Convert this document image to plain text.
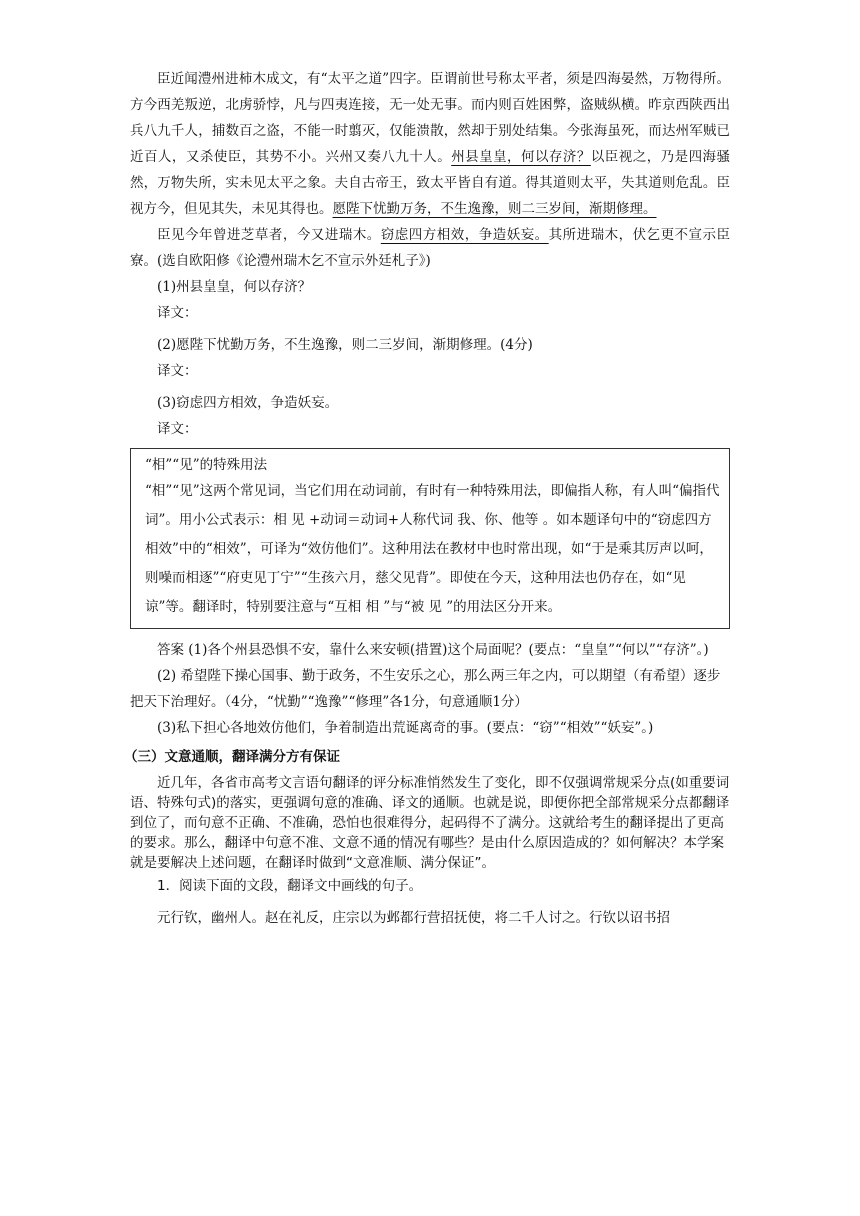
臣近闻澧州进柿木成文，有“太平之道”四字。臣谓前世号称太平者，须是四海晏然，万物得所。方今西羌叛逆，北虏骄悖，凡与四夷连接，无一处无事。而内则百姓困弊，盗贼纵横。昨京西陕西出兵八九千人，捕数百之盗，不能一时翦灭，仅能溃散，然却于别处结集。今张海虽死，而达州军贼已近百人，又杀使臣，其势不小。兴州又奏八九十人。州县皇皇，何以存济？以臣视之，乃是四海骚然，万物失所，实未见太平之象。夫自古帝王，致太平皆自有道。得其道则太平，失其道则危乱。臣视方今，但见其失，未见其得也。愿陛下忧勤万务，不生逸豫，则二三岁间，渐期修理。

臣见今年曾进芝草者，今又进瑞木。窃虑四方相效，争造妖妄。其所进瑞木，伏乞更不宣示臣寮。(选自欧阳修《论澧州瑞木乞不宣示外廷札子》)

(1)州县皇皇，何以存济？

译文：

(2)愿陛下忧勤万务，不生逸豫，则二三岁间，渐期修理。(4分)

译文：

(3)窃虑四方相效，争造妖妄。

译文：

“相”“见”的特殊用法

“相”“见”这两个常见词，当它们用在动词前，有时有一种特殊用法，即偏指人称，有人叫“偏指代词”。用小公式表示：相 见 +动词＝动词+人称代词 我、你、他等 。如本题译句中的“窃虑四方相效”中的“相效”，可译为“效仿他们”。这种用法在教材中也时常出现，如“于是乘其厉声以呵，则噪而相逐”“府吏见丁宁”“生孩六月，慈父见背”。即使在今天，这种用法也仍存在，如“见谅”等。翻译时，特别要注意与“互相 相 ”与“被 见 ”的用法区分开来。

答案 (1)各个州县恐惧不安，靠什么来安顿(措置)这个局面呢？(要点：“皇皇”“何以”“存济”。)

(2) 希望陛下操心国事、勤于政务，不生安乐之心，那么两三年之内，可以期望（有希望）逐步把天下治理好。（4分，“忧勤”“逸豫”“修理”各1分，句意通顺1分）

(3)私下担心各地效仿他们，争着制造出荒诞离奇的事。(要点：“窃”“相效”“妖妄”。)

（三）文意通顺，翻译满分方有保证

近几年，各省市高考文言语句翻译的评分标准悄然发生了变化，即不仅强调常规采分点(如重要词语、特殊句式)的落实，更强调句意的准确、译文的通顺。也就是说，即便你把全部常规采分点都翻译到位了，而句意不正确、不准确，恐怕也很难得分，起码得不了满分。这就给考生的翻译提出了更高的要求。那么，翻译中句意不准、文意不通的情况有哪些？是由什么原因造成的？如何解决？本学案就是要解决上述问题，在翻译时做到“文意准顺、满分保证”。

1．阅读下面的文段，翻译文中画线的句子。

元行钦，幽州人。赵在礼反，庄宗以为邺都行营招抚使，将二千人讨之。行钦以诏书招
